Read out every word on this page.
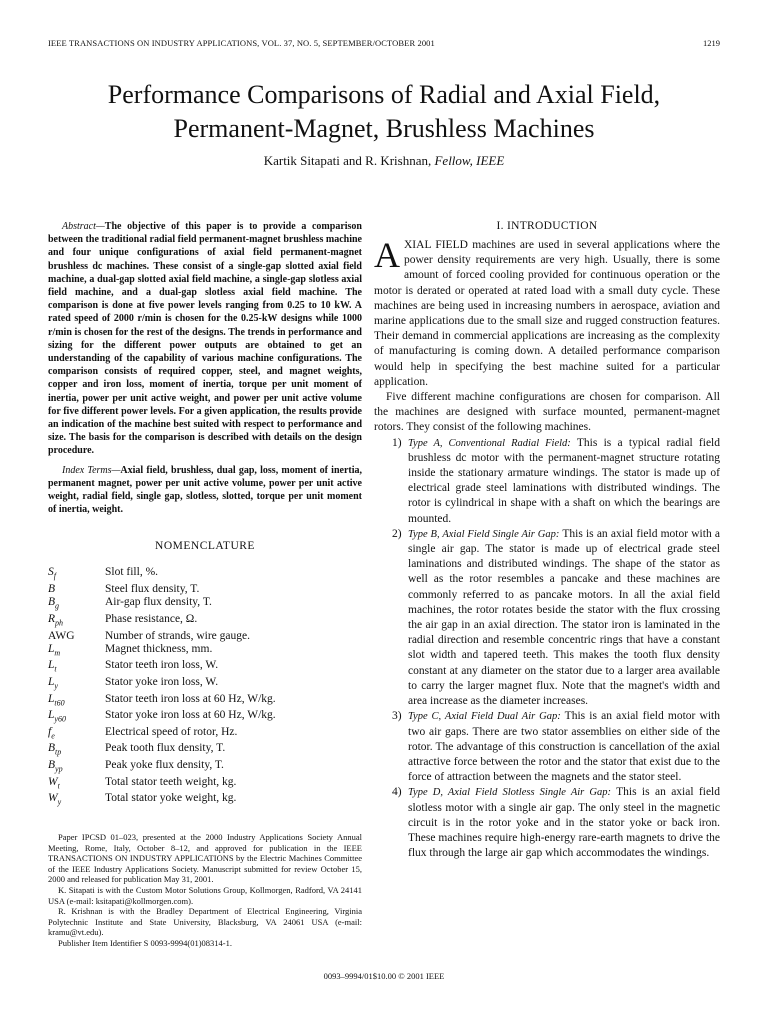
IEEE TRANSACTIONS ON INDUSTRY APPLICATIONS, VOL. 37, NO. 5, SEPTEMBER/OCTOBER 2001	1219
Performance Comparisons of Radial and Axial Field,
Permanent-Magnet, Brushless Machines
Kartik Sitapati and R. Krishnan, Fellow, IEEE

Abstract—The objective of this paper is to provide a comparison between the traditional radial field permanent-magnet brushless machine and four unique configurations of axial field permanent-magnet brushless dc machines. These consist of a single-gap slotted axial field machine, a dual-gap slotted axial field machine, a single-gap slotless axial field machine, and a dual-gap slotless axial field machine. The comparison is done at five power levels ranging from 0.25 to 10 kW. A rated speed of 2000 r/min is chosen for the 0.25-kW designs while 1000 r/min is chosen for the rest of the designs. The trends in performance and sizing for the different power outputs are obtained to get an understanding of the capability of various machine configurations. The comparison consists of required copper, steel, and magnet weights, copper and iron loss, moment of inertia, torque per unit moment of inertia, power per unit active weight, and power per unit active volume for five different power levels. For a given application, the results provide an indication of the machine best suited with respect to performance and size. The basis for the comparison is described with details on the design procedure.

Index Terms—Axial field, brushless, dual gap, loss, moment of inertia, permanent magnet, power per unit active volume, power per unit active weight, radial field, single gap, slotless, slotted, torque per unit moment of inertia, weight.

NOMENCLATURE
$S_f$	Slot fill, %.
B	Steel flux density, T.
$B_g$	Air-gap flux density, T.
$R_{ph}$	Phase resistance, Ω.
AWG	Number of strands, wire gauge.
$L_m$	Magnet thickness, mm.
$L_t$	Stator teeth iron loss, W.
$L_y$	Stator yoke iron loss, W.
$L_{t60}$	Stator teeth iron loss at 60 Hz, W/kg.
$L_{y60}$	Stator yoke iron loss at 60 Hz, W/kg.
$f_e$	Electrical speed of rotor, Hz.
$B_{tp}$	Peak tooth flux density, T.
$B_{yp}$	Peak yoke flux density, T.
$W_t$	Total stator teeth weight, kg.
$W_y$	Total stator yoke weight, kg.

Paper IPCSD 01–023, presented at the 2000 Industry Applications Society Annual Meeting, Rome, Italy, October 8–12, and approved for publication in the IEEE TRANSACTIONS ON INDUSTRY APPLICATIONS by the Electric Machines Committee of the IEEE Industry Applications Society. Manuscript submitted for review October 15, 2000 and released for publication May 31, 2001.

K. Sitapati is with the Custom Motor Solutions Group, Kollmorgen, Radford, VA 24141 USA (e-mail: ksitapati@kollmorgen.com).

R. Krishnan is with the Bradley Department of Electrical Engineering, Virginia Polytechnic Institute and State University, Blacksburg, VA 24061 USA (e-mail: kramu@vt.edu).

Publisher Item Identifier S 0093-9994(01)08314-1.

I. INTRODUCTION

AXIAL FIELD machines are used in several applications where the power density requirements are very high. Usually, there is some amount of forced cooling provided for continuous operation or the motor is derated or operated at rated load with a small duty cycle. These machines are being used in increasing numbers in aerospace, aviation and marine applications due to the small size and rugged construction features. Their demand in commercial applications are increasing as the complexity of manufacturing is coming down. A detailed performance comparison would help in specifying the best machine suited for a particular application.

Five different machine configurations are chosen for comparison. All the machines are designed with surface mounted, permanent-magnet rotors. They consist of the following machines.

1) Type A, Conventional Radial Field: This is a typical radial field brushless dc motor with the permanent-magnet structure rotating inside the stationary armature windings. The stator is made up of electrical grade steel laminations with distributed windings. The rotor is cylindrical in shape with a shaft on which the bearings are mounted.
2) Type B, Axial Field Single Air Gap: This is an axial field motor with a single air gap. The stator is made up of electrical grade steel laminations and distributed windings. The shape of the stator as well as the rotor resembles a pancake and these machines are commonly referred to as pancake motors. In all the axial field machines, the rotor rotates beside the stator with the flux crossing the air gap in an axial direction. The stator iron is laminated in the radial direction and resemble concentric rings that have a constant slot width and tapered teeth. This makes the tooth flux density constant at any diameter on the stator due to a larger area available to carry the larger magnet flux. Note that the magnet's width and area increase as the diameter increases.
3) Type C, Axial Field Dual Air Gap: This is an axial field motor with two air gaps. There are two stator assemblies on either side of the rotor. The advantage of this construction is cancellation of the axial attractive force between the rotor and the stator that exist due to the force of attraction between the magnets and the stator steel.
4) Type D, Axial Field Slotless Single Air Gap: This is an axial field slotless motor with a single air gap. The only steel in the magnetic circuit is in the rotor yoke and in the stator yoke or back iron. These machines require high-energy rare-earth magnets to drive the flux through the large air gap which accommodates the windings.
0093–9994/01$10.00 © 2001 IEEE
